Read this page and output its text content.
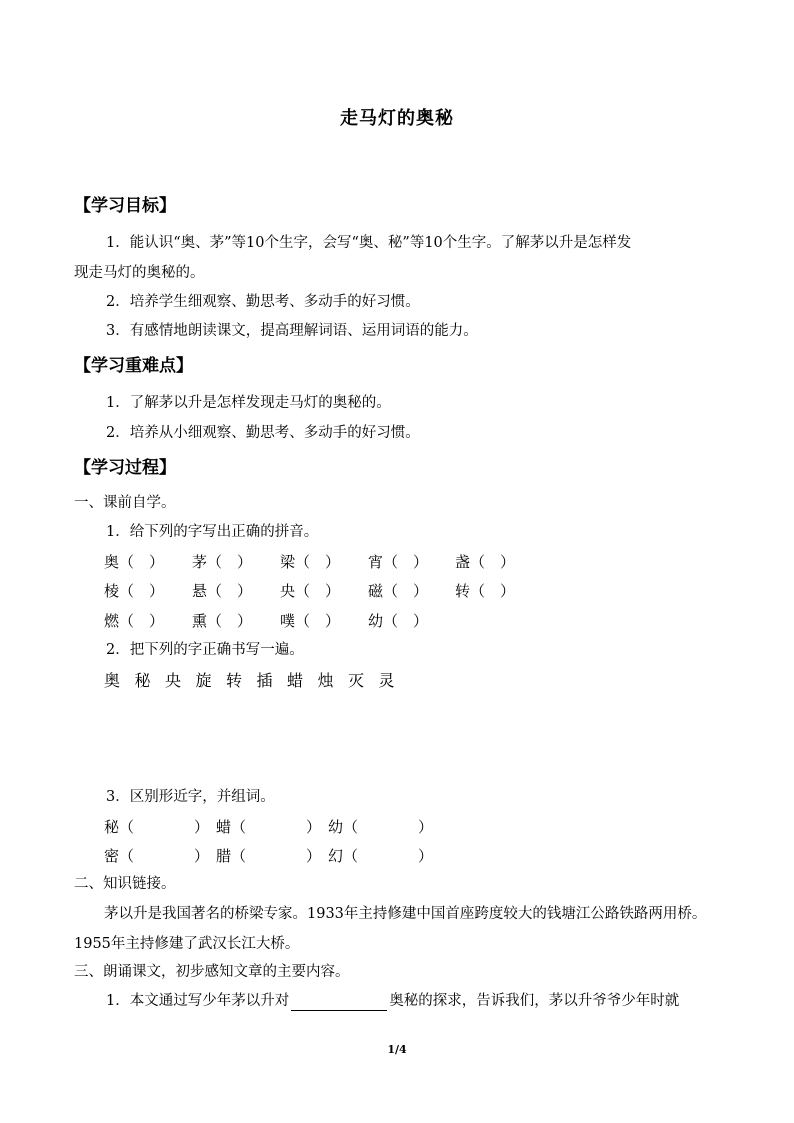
走马灯的奥秘
【学习目标】
1．能认识“奥、茅”等10个生字，会写“奥、秘”等10个生字。了解茅以升是怎样发
现走马灯的奥秘的。
2．培养学生细观察、勤思考、多动手的好习惯。
3．有感情地朗读课文，提高理解词语、运用词语的能力。
【学习重难点】
1．了解茅以升是怎样发现走马灯的奥秘的。
2．培养从小细观察、勤思考、多动手的好习惯。
【学习过程】
一、课前自学。
1．给下列的字写出正确的拼音。
奥（　） 茅（　） 梁（　） 宵（　） 盏（　）
棱（　） 悬（　） 央（　） 磁（　） 转（　）
燃（　） 熏（　） 噗（　） 幼（　）
2．把下列的字正确书写一遍。
奥 秘 央 旋 转 插 蜡 烛 灭 灵
3．区别形近字，并组词。
秘（　　　　） 蜡（　　　　） 幼（　　　　）
密（　　　　） 腊（　　　　） 幻（　　　　）
二、知识链接。
茅以升是我国著名的桥梁专家。1933年主持修建中国首座跨度较大的钱塘江公路铁路两用桥。1955年主持修建了武汉长江大桥。
三、朗诵课文，初步感知文章的主要内容。
1．本文通过写少年茅以升对	奥秘的探求，告诉我们，茅以升爷爷少年时就
1/4
